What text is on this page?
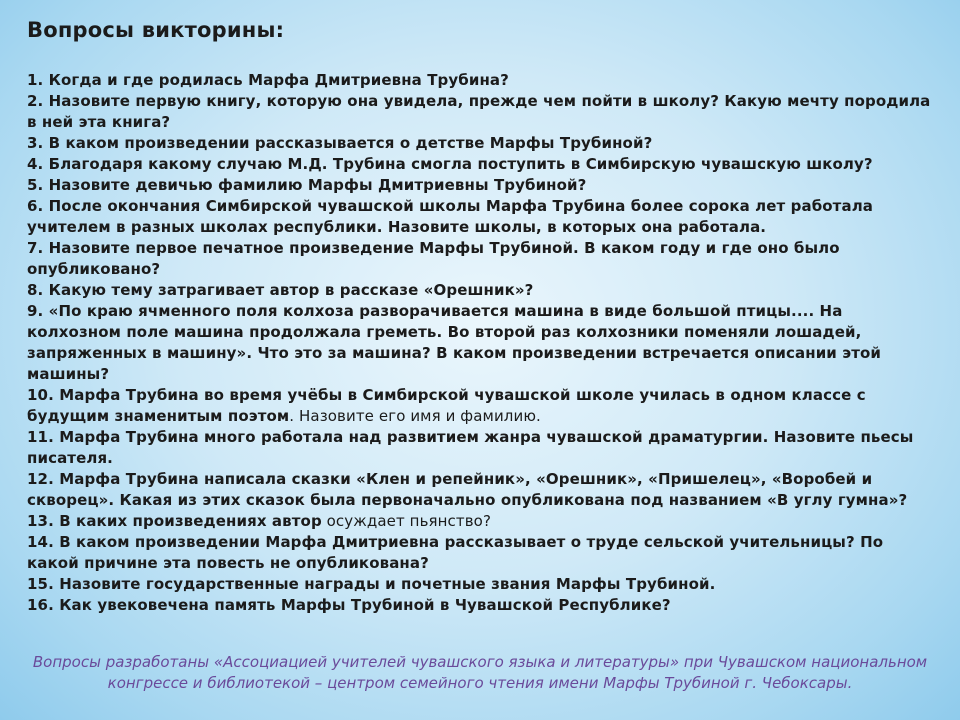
Вопросы викторины:

1. Когда и где родилась Марфа Дмитриевна Трубина?

2. Назовите первую книгу, которую она увидела, прежде чем пойти в школу? Какую мечту породила в ней эта книга?

3. В каком произведении рассказывается о детстве Марфы Трубиной?

4. Благодаря какому случаю М.Д. Трубина смогла поступить в Симбирскую чувашскую школу?

5. Назовите девичью фамилию Марфы Дмитриевны Трубиной?

6. После окончания Симбирской чувашской школы Марфа Трубина более сорока лет работала учителем в разных школах республики. Назовите школы, в которых она работала.

7. Назовите первое печатное произведение Марфы Трубиной. В каком году и где оно было опубликовано?

8. Какую тему затрагивает автор в рассказе «Орешник»?

9. «По краю ячменного поля колхоза разворачивается машина в виде большой птицы.... На колхозном поле машина продолжала греметь. Во второй раз колхозники поменяли лошадей, запряженных в машину». Что это за машина? В каком произведении встречается описании этой машины?

10. Марфа Трубина во время учёбы в Симбирской чувашской школе училась в одном классе с будущим знаменитым поэтом. Назовите его имя и фамилию.

11. Марфа Трубина много работала над развитием жанра чувашской драматургии. Назовите пьесы писателя.

12. Марфа Трубина написала сказки «Клен и репейник», «Орешник», «Пришелец», «Воробей и скворец». Какая из этих сказок была первоначально опубликована под названием «В углу гумна»?

13. В каких произведениях автор осуждает пьянство?

14. В каком произведении Марфа Дмитриевна рассказывает о труде сельской учительницы? По какой причине эта повесть не опубликована?

15. Назовите государственные награды и почетные звания Марфы Трубиной.

16. Как увековечена память Марфы Трубиной в Чувашской Республике?

Вопросы разработаны «Ассоциацией учителей чувашского языка и литературы» при Чувашском национальном конгрессе и библиотекой – центром семейного чтения имени Марфы Трубиной г. Чебоксары.
